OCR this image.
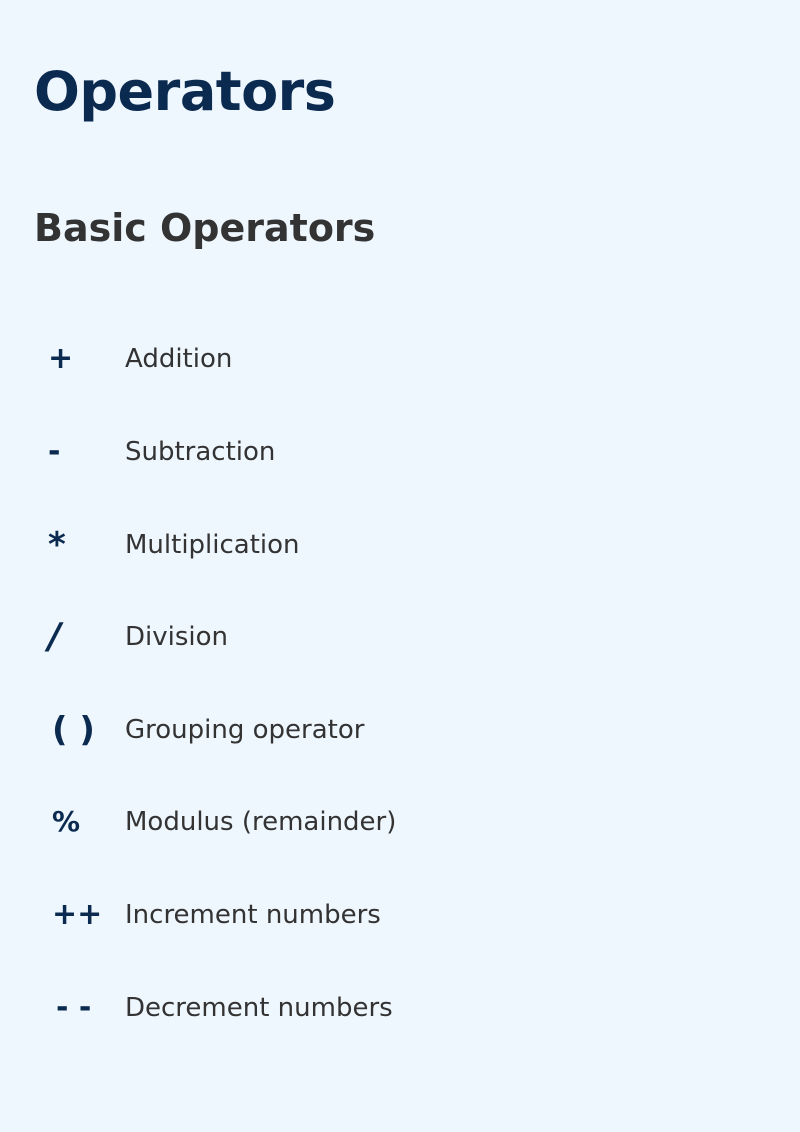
Operators
Basic Operators
+	Addition
-	Subtraction
*	Multiplication
/	Division
( )	Grouping operator
%	Modulus (remainder)
++ Increment numbers
- -	Decrement numbers
